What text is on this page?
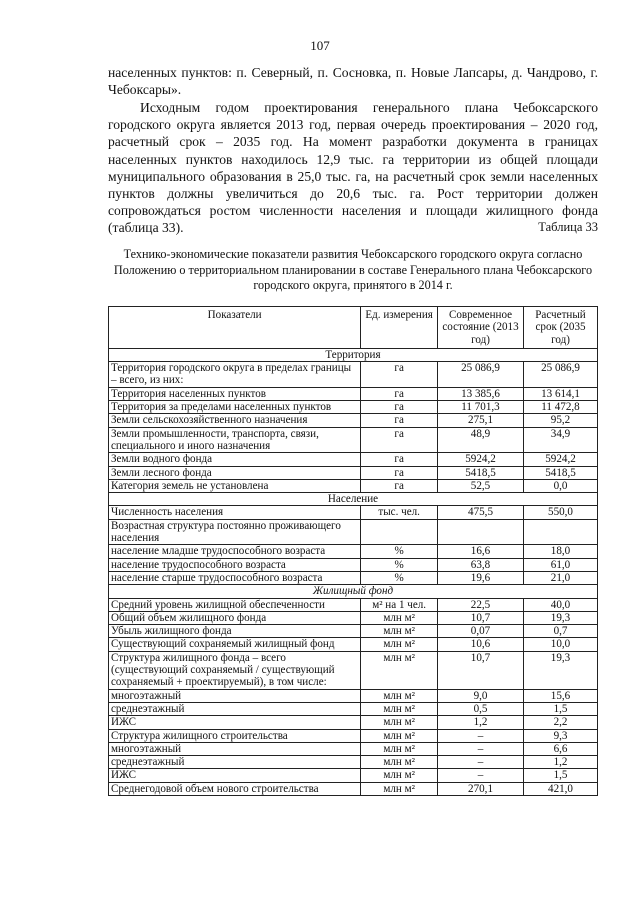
107

населенных пунктов: п. Северный, п. Сосновка, п. Новые Лапсары, д. Чандрово, г. Чебоксары».

Исходным годом проектирования генерального плана Чебоксарского городского округа является 2013 год, первая очередь проектирования – 2020 год, расчетный срок – 2035 год. На момент разработки документа в границах населенных пунктов находилось 12,9 тыс. га территории из общей площади муниципального образования в 25,0 тыс. га, на расчетный срок земли населенных пунктов должны увеличиться до 20,6 тыс. га. Рост территории должен сопровождаться ростом численности населения и площади жилищного фонда (таблица 33).	Таблица 33
Технико-экономические показатели развития Чебоксарского городского округа согласно Положению о территориальном планировании в составе Генерального плана Чебоксарского городского округа, принятого в 2014 г.
Показатели	Ед. измерения	Современное состояние (2013 год)	Расчетный срок (2035 год)
Территория			
Территория городского округа в пределах границы – всего, из них:	га	25 086,9	25 086,9
Территория населенных пунктов	га	13 385,6	13 614,1
Территория за пределами населенных пунктов	га	11 701,3	11 472,8
Земли сельскохозяйственного назначения	га	275,1	95,2
Земли промышленности, транспорта, связи, специального и иного назначения	га	48,9	34,9
Земли водного фонда	га	5924,2	5924,2
Земли лесного фонда	га	5418,5	5418,5
Категория земель не установлена	га	52,5	0,0
Население			
Численность населения	тыс. чел.	475,5	550,0
Возрастная структура постоянно проживающего населения			
население младше трудоспособного возраста	%	16,6	18,0
население трудоспособного возраста	%	63,8	61,0
население старше трудоспособного возраста	%	19,6	21,0
Жилищный фонд			
Средний уровень жилищной обеспеченности	м² на 1 чел.	22,5	40,0
Общий объем жилищного фонда	млн м²	10,7	19,3
Убыль жилищного фонда	млн м²	0,07	0,7
Существующий сохраняемый жилищный фонд	млн м²	10,6	10,0
Структура жилищного фонда – всего (существующий сохраняемый / существующий сохраняемый + проектируемый), в том числе:	млн м²	10,7	19,3
многоэтажный	млн м²	9,0	15,6
среднеэтажный	млн м²	0,5	1,5
ИЖС	млн м²	1,2	2,2
Структура жилищного строительства	млн м²	–	9,3
многоэтажный	млн м²	–	6,6
среднеэтажный	млн м²	–	1,2
ИЖС	млн м²	–	1,5
Среднегодовой объем нового строительства	млн м²	270,1	421,0
